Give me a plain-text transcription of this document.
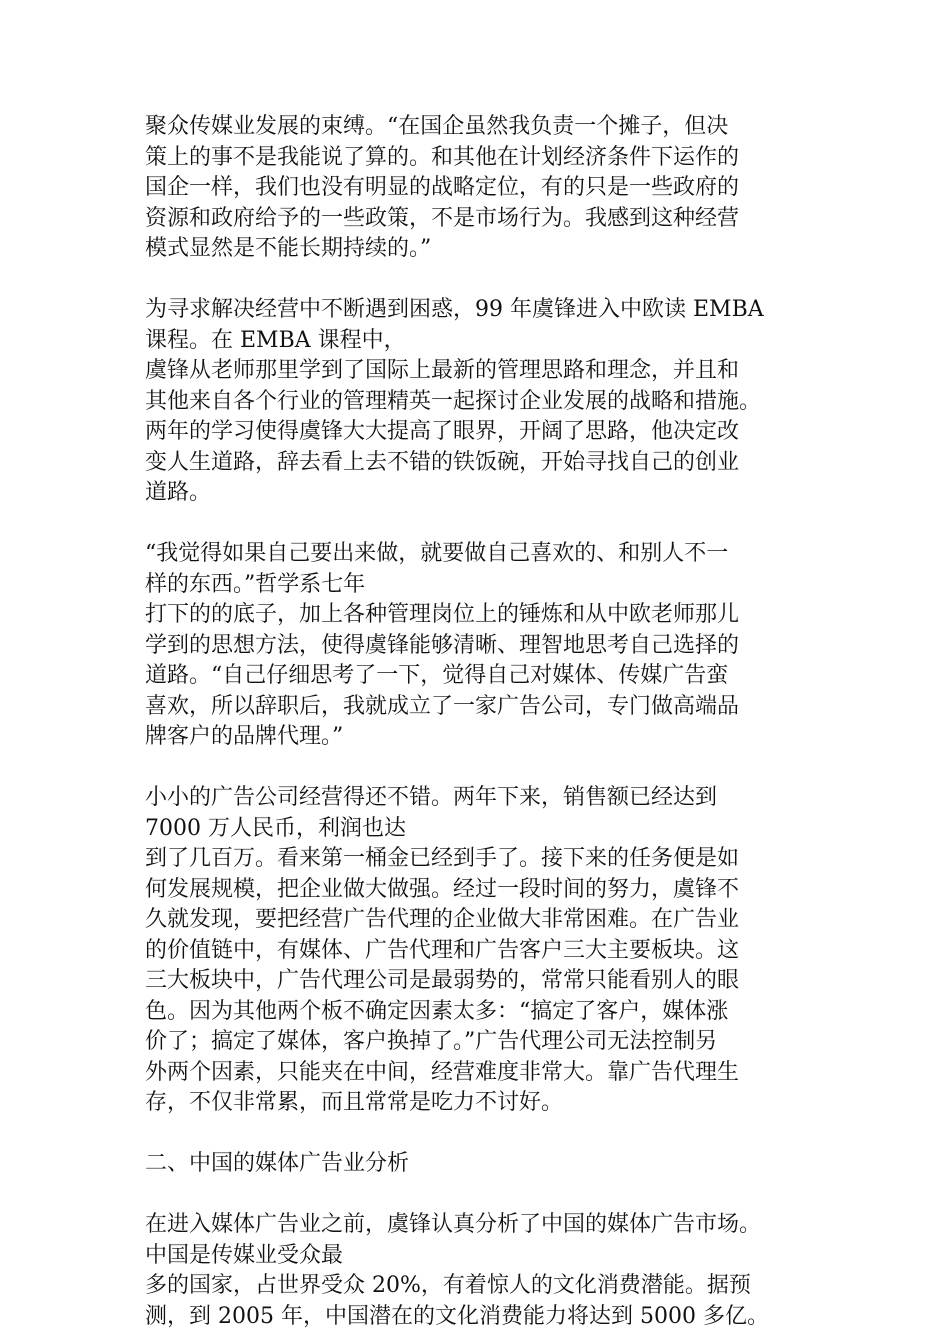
聚众传媒业发展的束缚。“在国企虽然我负责一个摊子，但决
策上的事不是我能说了算的。和其他在计划经济条件下运作的
国企一样，我们也没有明显的战略定位，有的只是一些政府的
资源和政府给予的一些政策，不是市场行为。我感到这种经营
模式显然是不能长期持续的。”
为寻求解决经营中不断遇到困惑，99 年虞锋进入中欧读 EMBA
课程。在 EMBA 课程中，
虞锋从老师那里学到了国际上最新的管理思路和理念，并且和
其他来自各个行业的管理精英一起探讨企业发展的战略和措施。
两年的学习使得虞锋大大提高了眼界，开阔了思路，他决定改
变人生道路，辞去看上去不错的铁饭碗，开始寻找自己的创业
道路。
“我觉得如果自己要出来做，就要做自己喜欢的、和别人不一
样的东西。”哲学系七年
打下的的底子，加上各种管理岗位上的锤炼和从中欧老师那儿
学到的思想方法，使得虞锋能够清晰、理智地思考自己选择的
道路。“自己仔细思考了一下，觉得自己对媒体、传媒广告蛮
喜欢，所以辞职后，我就成立了一家广告公司，专门做高端品
牌客户的品牌代理。”
小小的广告公司经营得还不错。两年下来，销售额已经达到
7000 万人民币，利润也达
到了几百万。看来第一桶金已经到手了。接下来的任务便是如
何发展规模，把企业做大做强。经过一段时间的努力，虞锋不
久就发现，要把经营广告代理的企业做大非常困难。在广告业
的价值链中，有媒体、广告代理和广告客户三大主要板块。这
三大板块中，广告代理公司是最弱势的，常常只能看别人的眼
色。因为其他两个板不确定因素太多：“搞定了客户，媒体涨
价了；搞定了媒体，客户换掉了。”广告代理公司无法控制另
外两个因素，只能夹在中间，经营难度非常大。靠广告代理生
存，不仅非常累，而且常常是吃力不讨好。
二、中国的媒体广告业分析
在进入媒体广告业之前，虞锋认真分析了中国的媒体广告市场。
中国是传媒业受众最
多的国家，占世界受众 20%，有着惊人的文化消费潜能。据预
测，到 2005 年，中国潜在的文化消费能力将达到 5000 多亿。
